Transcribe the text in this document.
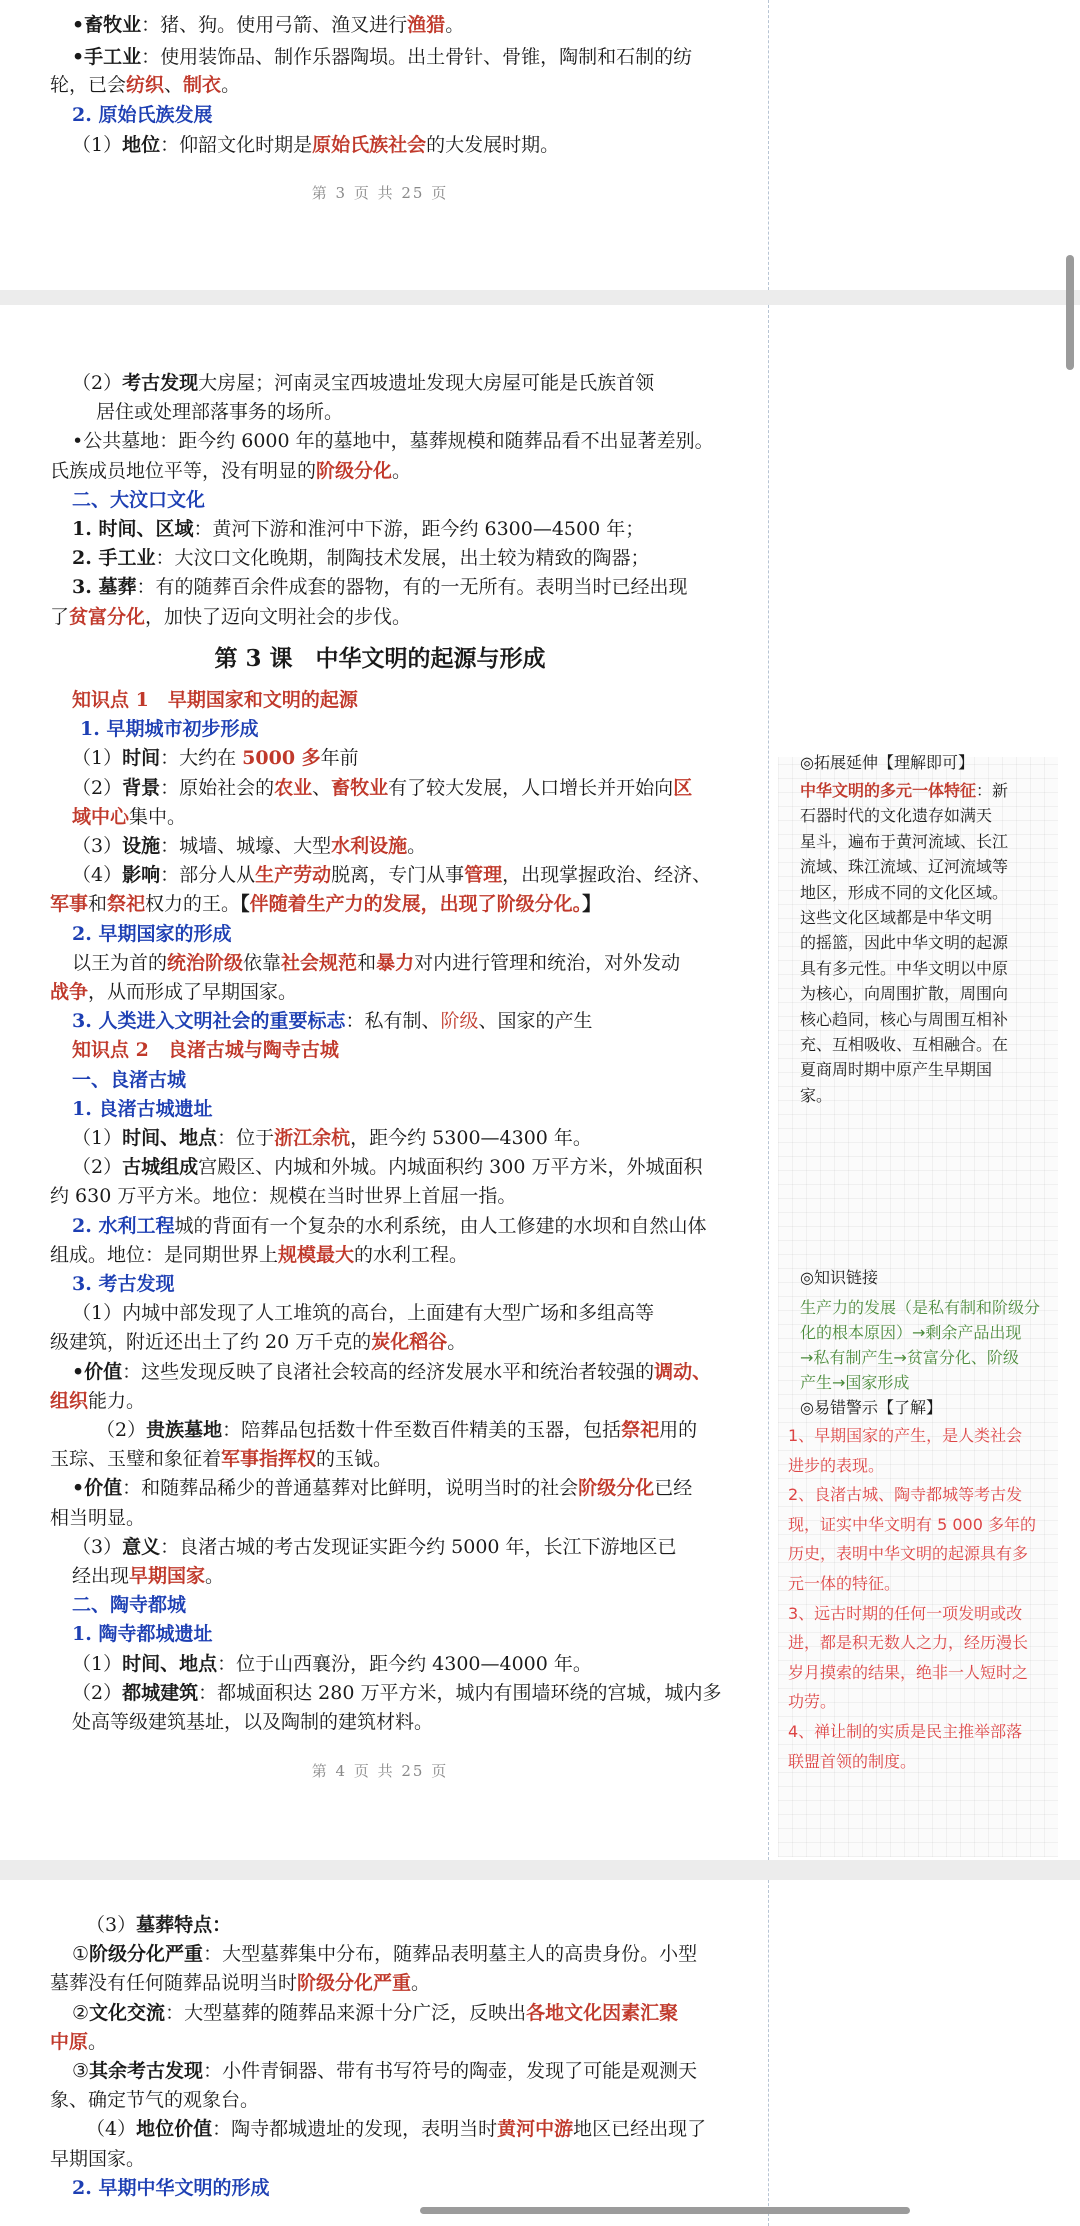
•畜牧业：猪、狗。使用弓箭、渔叉进行渔猎。
•手工业：使用装饰品、制作乐器陶埙。出土骨针、骨锥，陶制和石制的纺
轮，已会纺织、制衣。
2. 原始氏族发展
（1）地位：仰韶文化时期是原始氏族社会的大发展时期。
第 3 页 共 25 页
（2）考古发现大房屋；河南灵宝西坡遗址发现大房屋可能是氏族首领
居住或处理部落事务的场所。
•公共墓地：距今约 6000 年的墓地中，墓葬规模和随葬品看不出显著差别。
氏族成员地位平等，没有明显的阶级分化。
二、大汶口文化
1. 时间、区域：黄河下游和淮河中下游，距今约 6300—4500 年；
2. 手工业：大汶口文化晚期，制陶技术发展，出土较为精致的陶器；
3. 墓葬：有的随葬百余件成套的器物，有的一无所有。表明当时已经出现
了贫富分化，加快了迈向文明社会的步伐。
知识点 1　早期国家和文明的起源
1. 早期城市初步形成
（1）时间：大约在 5000 多年前
（2）背景：原始社会的农业、畜牧业有了较大发展，人口增长并开始向区
域中心集中。
（3）设施：城墙、城壕、大型水利设施。
（4）影响：部分人从生产劳动脱离，专门从事管理，出现掌握政治、经济、
军事和祭祀权力的王。【伴随着生产力的发展，出现了阶级分化。】
2. 早期国家的形成
以王为首的统治阶级依靠社会规范和暴力对内进行管理和统治，对外发动
战争，从而形成了早期国家。
3. 人类进入文明社会的重要标志：私有制、阶级、国家的产生
知识点 2　良渚古城与陶寺古城
一、良渚古城
1. 良渚古城遗址
（1）时间、地点：位于浙江余杭，距今约 5300—4300 年。
（2）古城组成宫殿区、内城和外城。内城面积约 300 万平方米，外城面积
约 630 万平方米。地位：规模在当时世界上首屈一指。
2. 水利工程城的背面有一个复杂的水利系统，由人工修建的水坝和自然山体
组成。地位：是同期世界上规模最大的水利工程。
3. 考古发现
（1）内城中部发现了人工堆筑的高台，上面建有大型广场和多组高等
级建筑，附近还出土了约 20 万千克的炭化稻谷。
•价值：这些发现反映了良渚社会较高的经济发展水平和统治者较强的调动、
组织能力。
（2）贵族墓地：陪葬品包括数十件至数百件精美的玉器，包括祭祀用的
玉琮、玉璧和象征着军事指挥权的玉钺。
•价值：和随葬品稀少的普通墓葬对比鲜明，说明当时的社会阶级分化已经
相当明显。
（3）意义：良渚古城的考古发现证实距今约 5000 年，长江下游地区已
经出现早期国家。
二、陶寺都城
1. 陶寺都城遗址
（1）时间、地点：位于山西襄汾，距今约 4300—4000 年。
（2）都城建筑：都城面积达 280 万平方米，城内有围墙环绕的宫城，城内多
处高等级建筑基址，以及陶制的建筑材料。
第 3 课　中华文明的起源与形成
◎拓展延伸【理解即可】
中华文明的多元一体特征：新
石器时代的文化遗存如满天
星斗，遍布于黄河流域、长江
流域、珠江流域、辽河流域等
地区，形成不同的文化区域。
这些文化区域都是中华文明
的摇篮，因此中华文明的起源
具有多元性。中华文明以中原
为核心，向周围扩散，周围向
核心趋同，核心与周围互相补
充、互相吸收、互相融合。在
夏商周时期中原产生早期国
家。
◎知识链接
生产力的发展（是私有制和阶级分
化的根本原因）→剩余产品出现
→私有制产生→贫富分化、阶级
产生→国家形成
◎易错警示【了解】
1、早期国家的产生，是人类社会
进步的表现。
2、良渚古城、陶寺都城等考古发
现，证实中华文明有 5 000 多年的
历史，表明中华文明的起源具有多
元一体的特征。
3、远古时期的任何一项发明或改
进，都是积无数人之力，经历漫长
岁月摸索的结果，绝非一人短时之
功劳。
4、禅让制的实质是民主推举部落
联盟首领的制度。
第 4 页 共 25 页
（3）墓葬特点：
①阶级分化严重：大型墓葬集中分布，随葬品表明墓主人的高贵身份。小型
墓葬没有任何随葬品说明当时阶级分化严重。
②文化交流：大型墓葬的随葬品来源十分广泛，反映出各地文化因素汇聚
中原。
③其余考古发现：小件青铜器、带有书写符号的陶壶，发现了可能是观测天
象、确定节气的观象台。
（4）地位价值：陶寺都城遗址的发现，表明当时黄河中游地区已经出现了
早期国家。
2. 早期中华文明的形成
